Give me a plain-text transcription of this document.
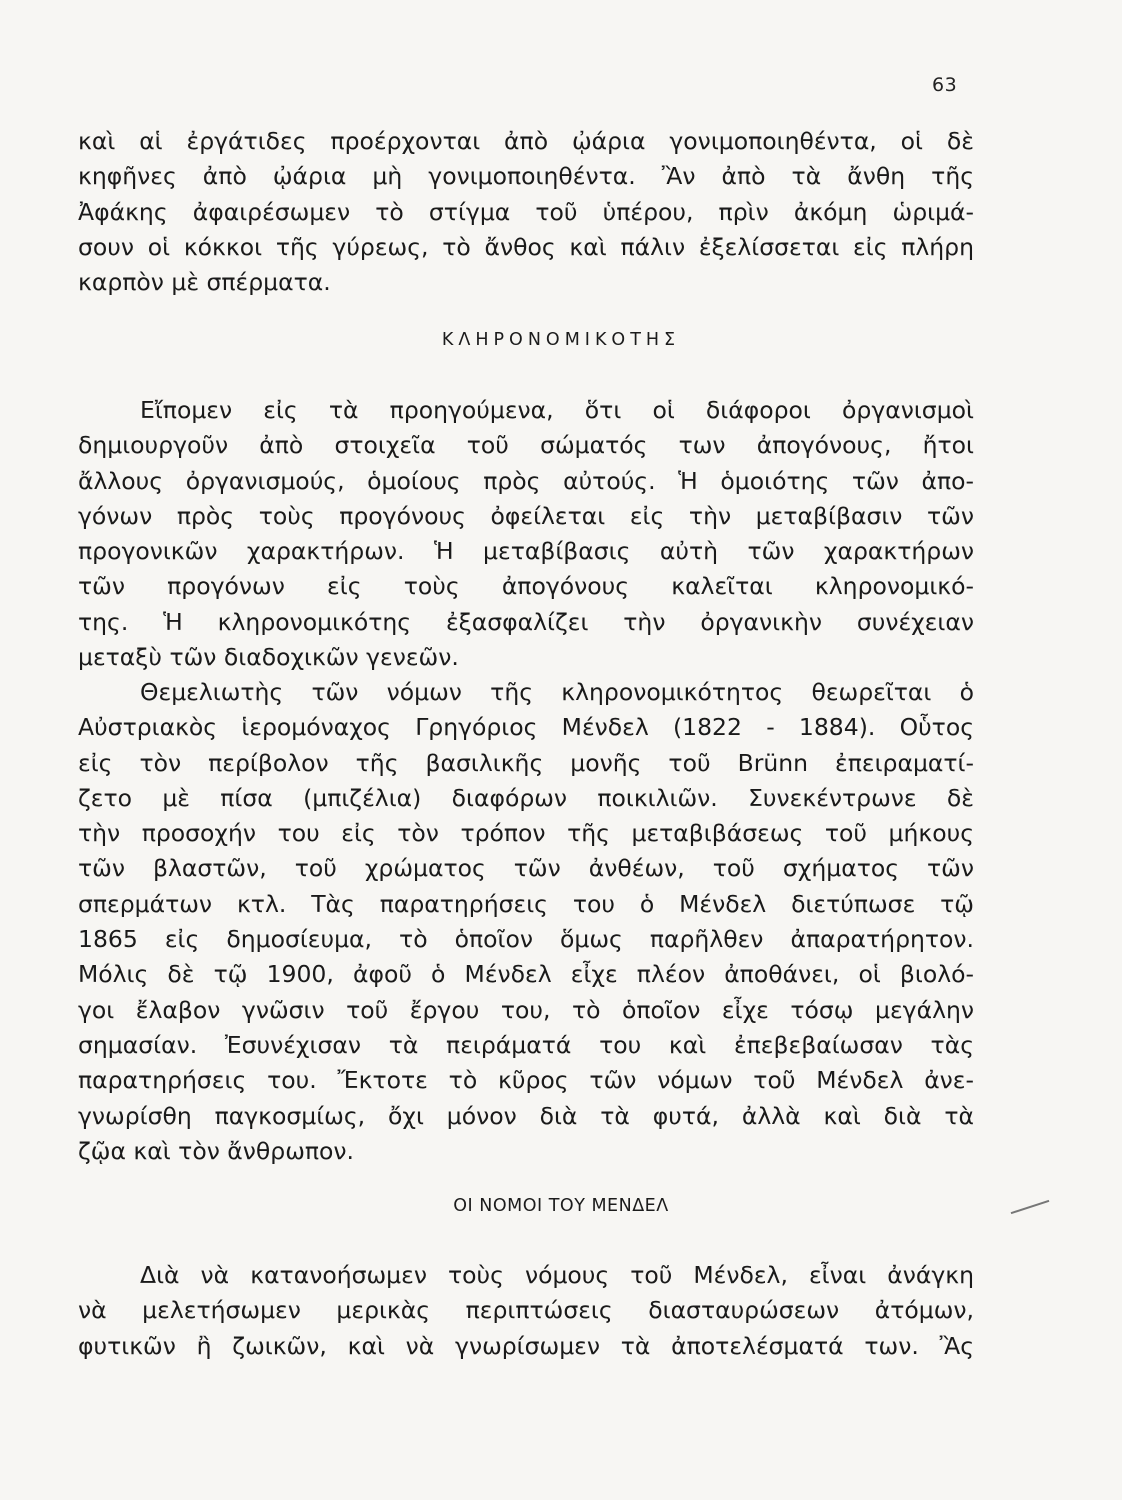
63
καὶ αἱ ἐργάτιδες προέρχονται ἀπὸ ᾠάρια γονιμοποιηθέντα, οἱ δὲ
κηφῆνες ἀπὸ ᾠάρια μὴ γονιμοποιηθέντα. Ἂν ἀπὸ τὰ ἄνθη τῆς
Ἀφάκης ἀφαιρέσωμεν τὸ στίγμα τοῦ ὑπέρου, πρὶν ἀκόμη ὡριμά-
σουν οἱ κόκκοι τῆς γύρεως, τὸ ἄνθος καὶ πάλιν ἐξελίσσεται εἰς πλήρη
καρπὸν μὲ σπέρματα.
ΚΛΗΡΟΝΟΜΙΚΟΤΗΣ
Εἴπομεν εἰς τὰ προηγούμενα, ὅτι οἱ διάφοροι ὀργανισμοὶ
δημιουργοῦν ἀπὸ στοιχεῖα τοῦ σώματός των ἀπογόνους, ἤτοι
ἄλλους ὀργανισμούς, ὁμοίους πρὸς αὐτούς. Ἡ ὁμοιότης τῶν ἀπο-
γόνων πρὸς τοὺς προγόνους ὀφείλεται εἰς τὴν μεταβίβασιν τῶν
προγονικῶν χαρακτήρων. Ἡ μεταβίβασις αὐτὴ τῶν χαρακτήρων
τῶν προγόνων εἰς τοὺς ἀπογόνους καλεῖται κληρονομικό-
της. Ἡ κληρονομικότης ἐξασφαλίζει τὴν ὀργανικὴν συνέχειαν
μεταξὺ τῶν διαδοχικῶν γενεῶν.
Θεμελιωτὴς τῶν νόμων τῆς κληρονομικότητος θεωρεῖται ὁ
Αὐστριακὸς ἱερομόναχος Γρηγόριος Μένδελ (1822 - 1884). Οὗτος
εἰς τὸν περίβολον τῆς βασιλικῆς μονῆς τοῦ Brünn ἐπειραματί-
ζετο μὲ πίσα (μπιζέλια) διαφόρων ποικιλιῶν. Συνεκέντρωνε δὲ
τὴν προσοχήν του εἰς τὸν τρόπον τῆς μεταβιβάσεως τοῦ μήκους
τῶν βλαστῶν, τοῦ χρώματος τῶν ἀνθέων, τοῦ σχήματος τῶν
σπερμάτων κτλ. Τὰς παρατηρήσεις του ὁ Μένδελ διετύπωσε τῷ
1865 εἰς δημοσίευμα, τὸ ὁποῖον ὅμως παρῆλθεν ἀπαρατήρητον.
Μόλις δὲ τῷ 1900, ἀφοῦ ὁ Μένδελ εἶχε πλέον ἀποθάνει, οἱ βιολό-
γοι ἔλαβον γνῶσιν τοῦ ἔργου του, τὸ ὁποῖον εἶχε τόσῳ μεγάλην
σημασίαν. Ἐσυνέχισαν τὰ πειράματά του καὶ ἐπεβεβαίωσαν τὰς
παρατηρήσεις του. Ἔκτοτε τὸ κῦρος τῶν νόμων τοῦ Μένδελ ἀνε-
γνωρίσθη παγκοσμίως, ὄχι μόνον διὰ τὰ φυτά, ἀλλὰ καὶ διὰ τὰ
ζῷα καὶ τὸν ἄνθρωπον.
ΟΙ ΝΟΜΟΙ ΤΟΥ ΜΕΝΔΕΛ
Διὰ νὰ κατανοήσωμεν τοὺς νόμους τοῦ Μένδελ, εἶναι ἀνάγκη
νὰ μελετήσωμεν μερικὰς περιπτώσεις διασταυρώσεων ἀτόμων,
φυτικῶν ἢ ζωικῶν, καὶ νὰ γνωρίσωμεν τὰ ἀποτελέσματά των. Ἂς
